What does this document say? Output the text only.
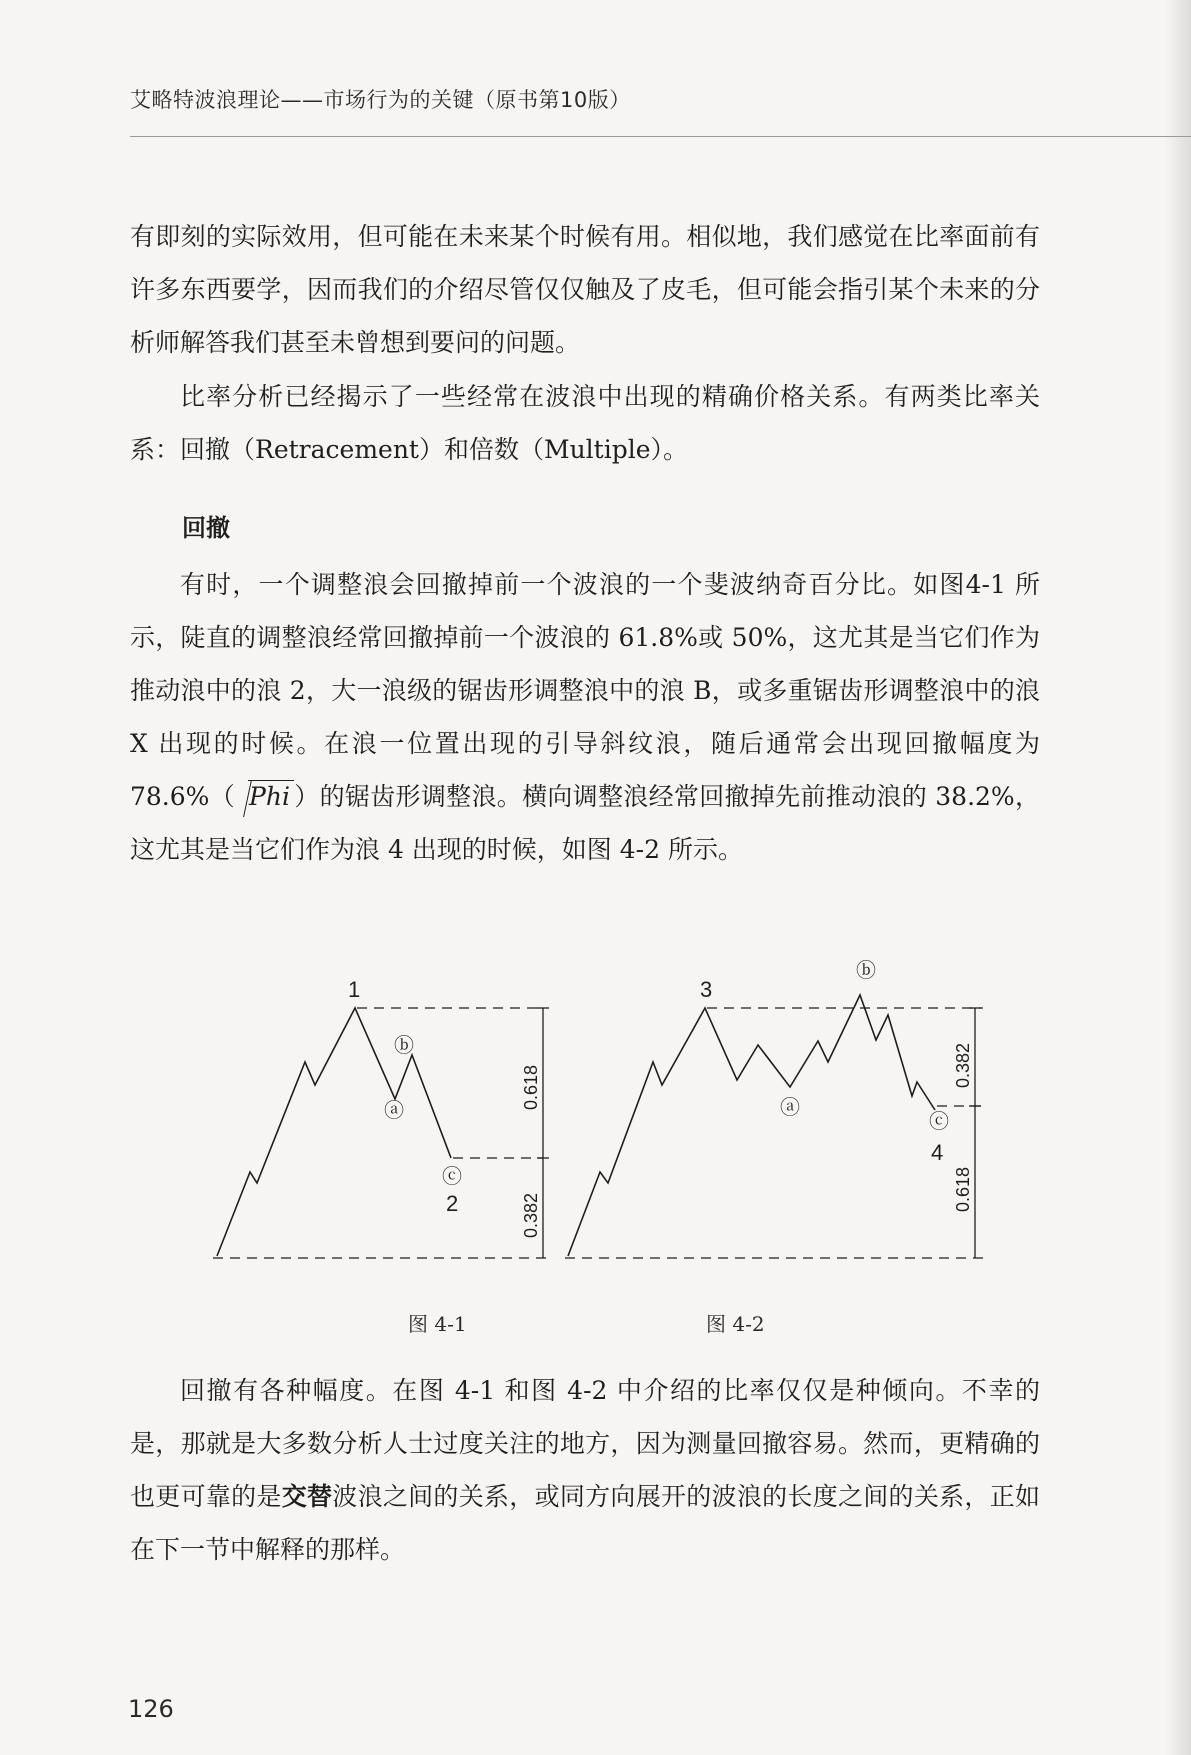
艾略特波浪理论——市场行为的关键（原书第10版）

有即刻的实际效用，但可能在未来某个时候有用。相似地，我们感觉在比率面前有许多东西要学，因而我们的介绍尽管仅仅触及了皮毛，但可能会指引某个未来的分析师解答我们甚至未曾想到要问的问题。

比率分析已经揭示了一些经常在波浪中出现的精确价格关系。有两类比率关系：回撤（Retracement）和倍数（Multiple）。

回撤

有时，一个调整浪会回撤掉前一个波浪的一个斐波纳奇百分比。如图4-1 所示，陡直的调整浪经常回撤掉前一个波浪的 61.8%或 50%，这尤其是当它们作为推动浪中的浪 2，大一浪级的锯齿形调整浪中的浪 B，或多重锯齿形调整浪中的浪 X 出现的时候。在浪一位置出现的引导斜纹浪，随后通常会出现回撤幅度为 78.6%（ Phi ）的锯齿形调整浪。横向调整浪经常回撤掉先前推动浪的 38.2%，这尤其是当它们作为浪 4 出现的时候，如图 4-2 所示。

1
ⓑ
ⓐ
ⓒ
2
0.618
0.382
3
ⓑ
ⓐ
ⓒ
4
0.382
0.618
图 4-1	图 4-2

回撤有各种幅度。在图 4-1 和图 4-2 中介绍的比率仅仅是种倾向。不幸的是，那就是大多数分析人士过度关注的地方，因为测量回撤容易。然而，更精确的也更可靠的是交替波浪之间的关系，或同方向展开的波浪的长度之间的关系，正如在下一节中解释的那样。

126
